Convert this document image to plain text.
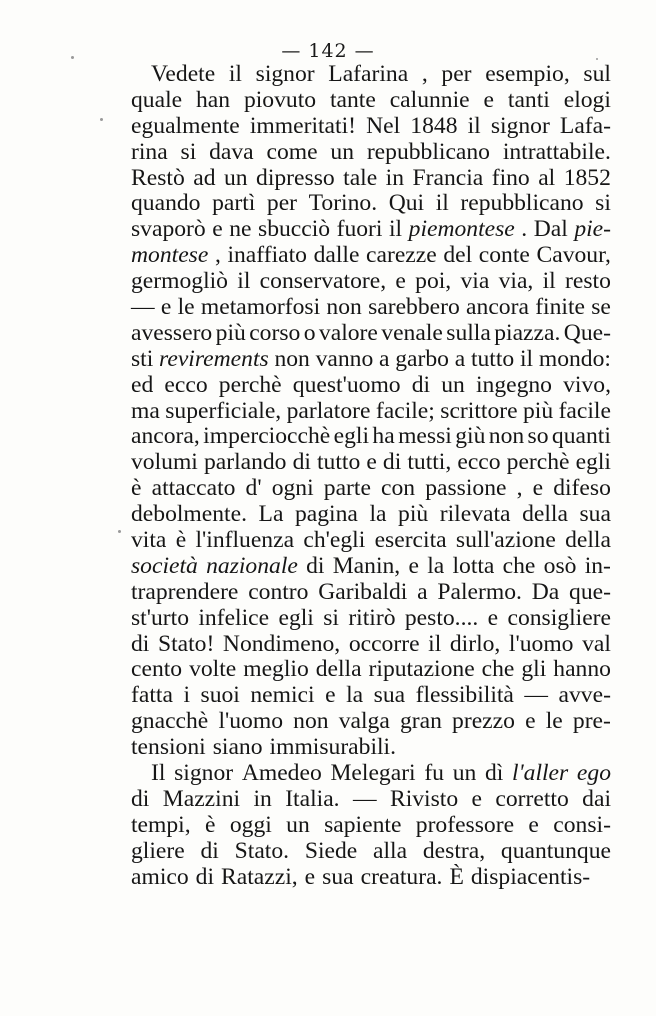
— 142 —
Vedete il signor Lafarina , per esempio, sul
quale han piovuto tante calunnie e tanti elogi
egualmente immeritati! Nel 1848 il signor Lafa-
rina si dava come un repubblicano intrattabile.
Restò ad un dipresso tale in Francia fino al 1852
quando partì per Torino. Qui il repubblicano si
svaporò e ne sbucciò fuori il piemontese . Dal pie-
montese , inaffiato dalle carezze del conte Cavour,
germogliò il conservatore, e poi, via via, il resto
— e le metamorfosi non sarebbero ancora finite se
avessero più corso o valore venale sulla piazza. Que-
sti revirements non vanno a garbo a tutto il mondo:
ed ecco perchè quest'uomo di un ingegno vivo,
ma superficiale, parlatore facile; scrittore più facile
ancora, imperciocchè egli ha messi giù non so quanti
volumi parlando di tutto e di tutti, ecco perchè egli
è attaccato d' ogni parte con passione , e difeso
debolmente. La pagina la più rilevata della sua
vita è l'influenza ch'egli esercita sull'azione della
società nazionale di Manin, e la lotta che osò in-
traprendere contro Garibaldi a Palermo. Da que-
st'urto infelice egli si ritirò pesto.... e consigliere
di Stato! Nondimeno, occorre il dirlo, l'uomo val
cento volte meglio della riputazione che gli hanno
fatta i suoi nemici e la sua flessibilità — avve-
gnacchè l'uomo non valga gran prezzo e le pre-
tensioni siano immisurabili.
Il signor Amedeo Melegari fu un dì l'aller ego
di Mazzini in Italia. — Rivisto e corretto dai
tempi, è oggi un sapiente professore e consi-
gliere di Stato. Siede alla destra, quantunque
amico di Ratazzi, e sua creatura. È dispiacentis-
